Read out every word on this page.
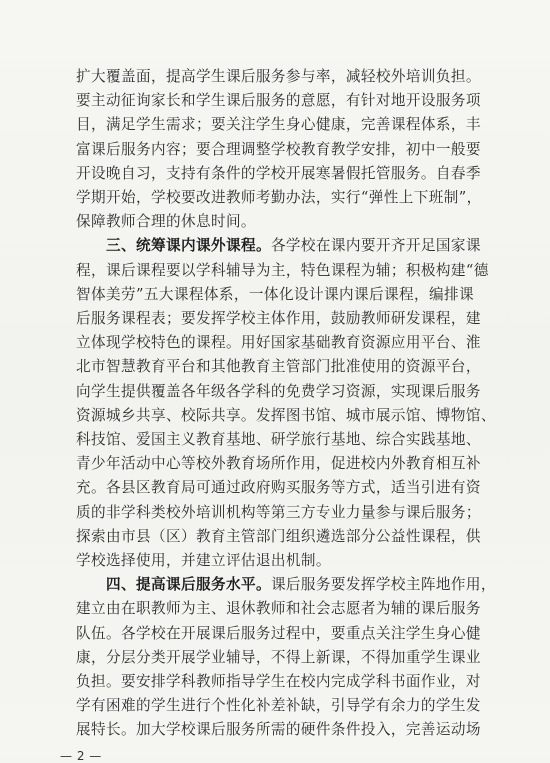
扩大覆盖面，提高学生课后服务参与率，减轻校外培训负担。
要主动征询家长和学生课后服务的意愿，有针对地开设服务项
目，满足学生需求；要关注学生身心健康，完善课程体系，丰
富课后服务内容；要合理调整学校教育教学安排，初中一般要
开设晚自习，支持有条件的学校开展寒暑假托管服务。自春季
学期开始，学校要改进教师考勤办法，实行“弹性上下班制”，
保障教师合理的休息时间。
三、统筹课内课外课程。各学校在课内要开齐开足国家课
程，课后课程要以学科辅导为主，特色课程为辅；积极构建“德
智体美劳”五大课程体系，一体化设计课内课后课程，编排课
后服务课程表；要发挥学校主体作用，鼓励教师研发课程，建
立体现学校特色的课程。用好国家基础教育资源应用平台、淮
北市智慧教育平台和其他教育主管部门批准使用的资源平台，
向学生提供覆盖各年级各学科的免费学习资源，实现课后服务
资源城乡共享、校际共享。发挥图书馆、城市展示馆、博物馆、
科技馆、爱国主义教育基地、研学旅行基地、综合实践基地、
青少年活动中心等校外教育场所作用，促进校内外教育相互补
充。各县区教育局可通过政府购买服务等方式，适当引进有资
质的非学科类校外培训机构等第三方专业力量参与课后服务；
探索由市县（区）教育主管部门组织遴选部分公益性课程，供
学校选择使用，并建立评估退出机制。
四、提高课后服务水平。课后服务要发挥学校主阵地作用，
建立由在职教师为主、退休教师和社会志愿者为辅的课后服务
队伍。各学校在开展课后服务过程中，要重点关注学生身心健
康，分层分类开展学业辅导，不得上新课，不得加重学生课业
负担。要安排学科教师指导学生在校内完成学科书面作业，对
学有困难的学生进行个性化补差补缺，引导学有余力的学生发
展特长。加大学校课后服务所需的硬件条件投入，完善运动场
— 2 —
